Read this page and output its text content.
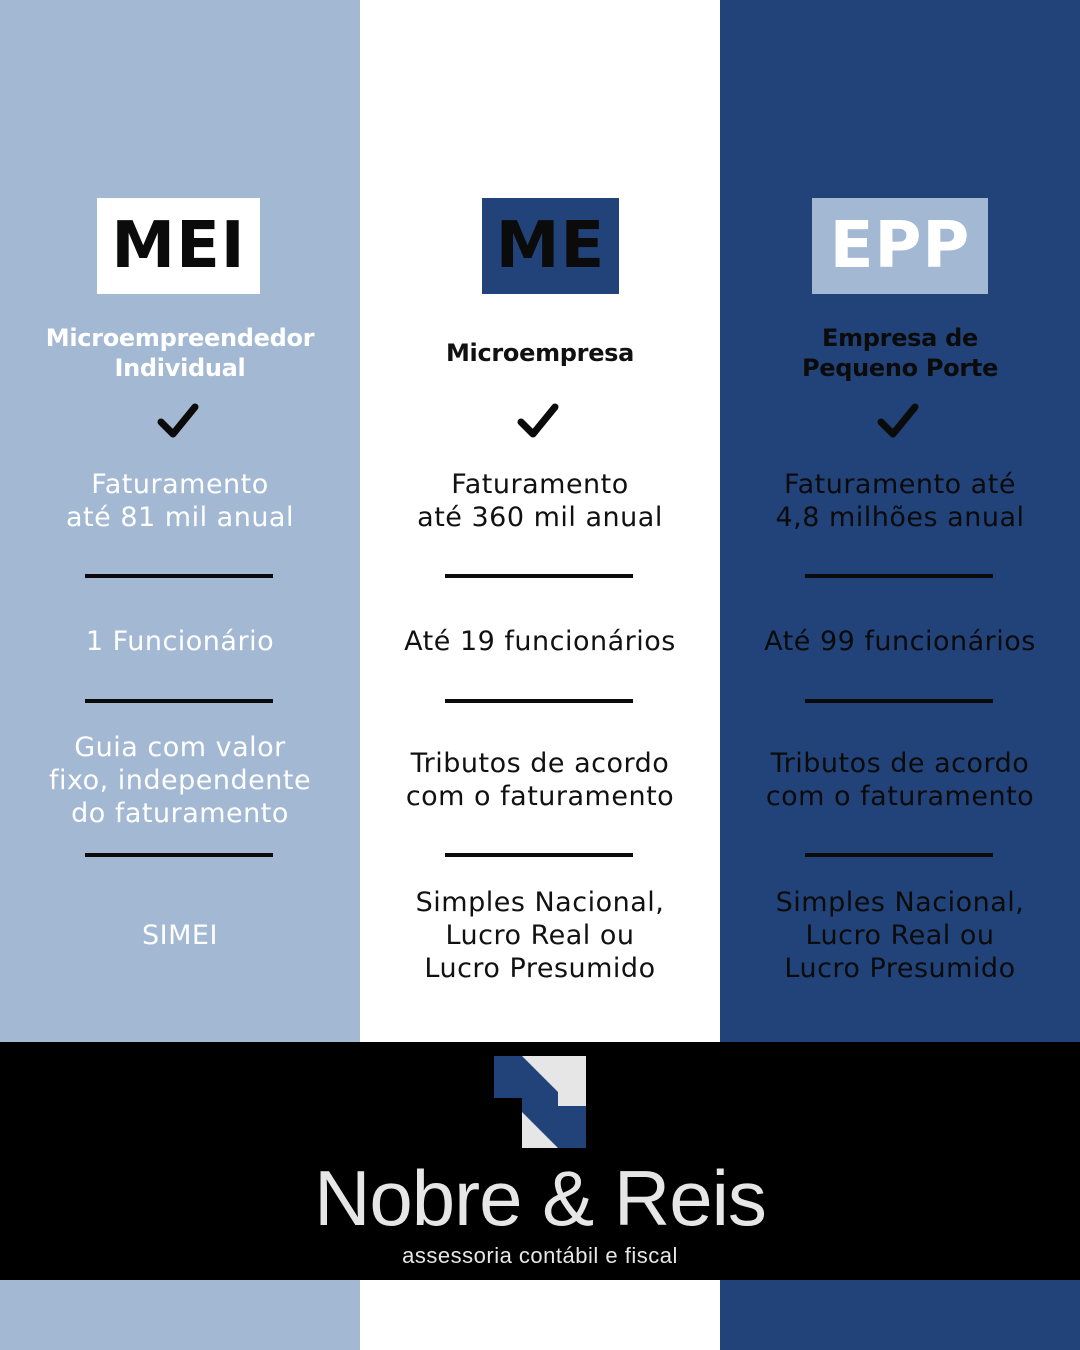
MEI
Microempreendedor
Individual
Faturamento
até 81 mil anual
1 Funcionário
Guia com valor
fixo, independente
do faturamento
SIMEI
ME
Microempresa
Faturamento
até 360 mil anual
Até 19 funcionários
Tributos de acordo
com o faturamento
Simples Nacional,
Lucro Real ou
Lucro Presumido
EPP
Empresa de
Pequeno Porte
Faturamento até
4,8 milhões anual
Até 99 funcionários
Tributos de acordo
com o faturamento
Simples Nacional,
Lucro Real ou
Lucro Presumido
Nobre & Reis
assessoria contábil e fiscal
